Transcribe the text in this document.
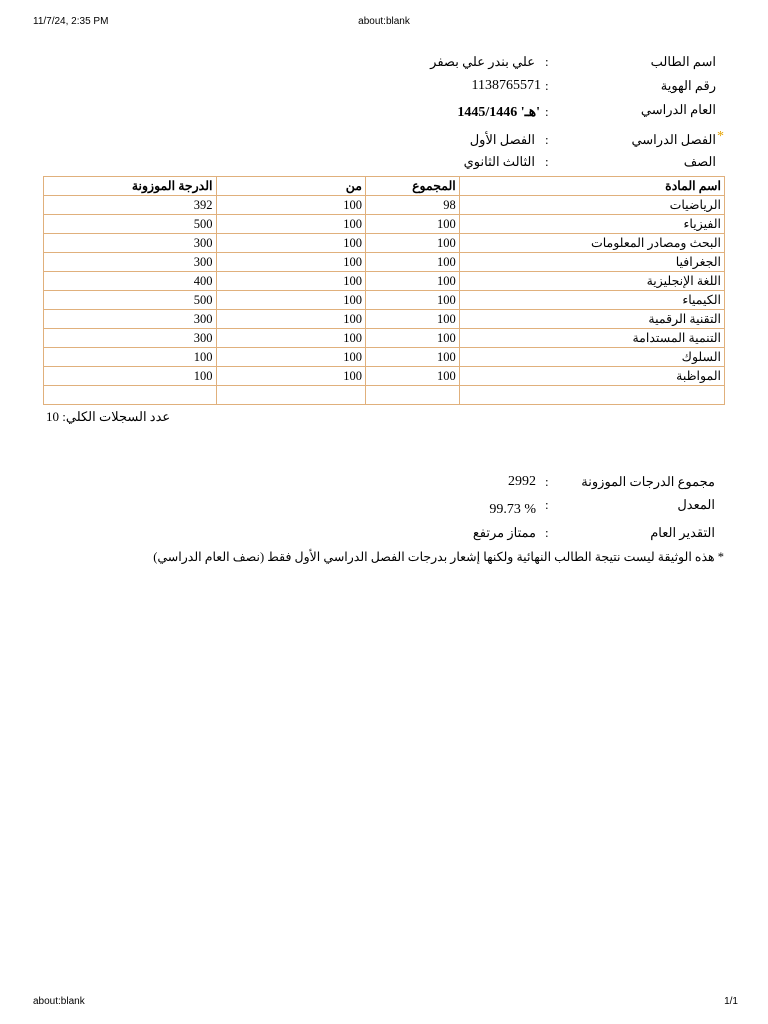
11/7/24, 2:35 PM	about:blank
اسم الطالب
:
علي بندر علي بصفر
رقم الهوية
:
1138765571
العام الدراسي
:
1445/1446 'هـ'
*
الفصل الدراسي
:
الفصل الأول
الصف
:
الثالث الثانوي
الدرجة الموزونة	من	المجموع	اسم المادة
392	100	98	الرياضيات
500	100	100	الفيزياء
300	100	100	البحث ومصادر المعلومات
300	100	100	الجغرافيا
400	100	100	اللغة الإنجليزية
500	100	100	الكيمياء
300	100	100	التقنية الرقمية
300	100	100	التنمية المستدامة
100	100	100	السلوك
100	100	100	المواظبة

عدد السجلات الكلي: 10
مجموع الدرجات الموزونة
:
2992
المعدل
:
99.73 %
التقدير العام
:
ممتاز مرتفع
* هذه الوثيقة ليست نتيجة الطالب النهائية ولكنها إشعار بدرجات الفصل الدراسي الأول فقط (نصف العام الدراسي)
about:blank	1/1
